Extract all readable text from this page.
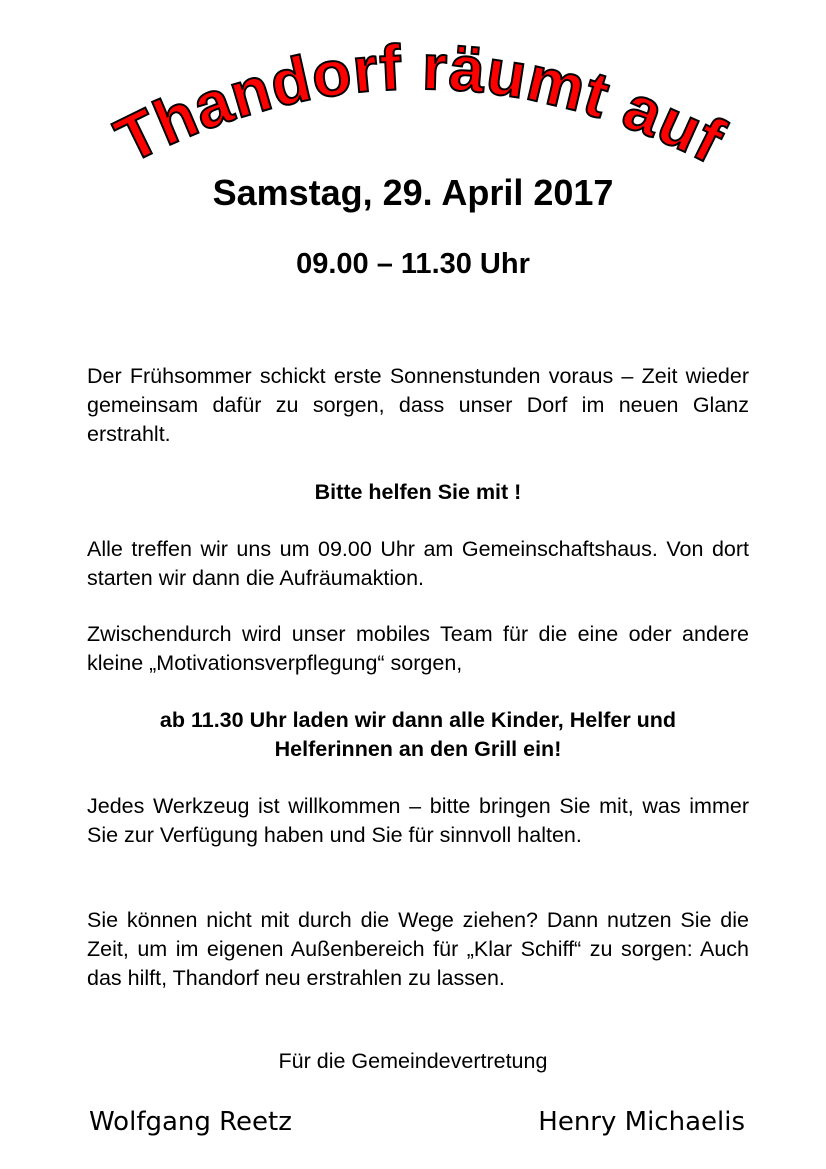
Thandorf räumt auf
Samstag, 29. April 2017
09.00 – 11.30 Uhr
Der Frühsommer schickt erste Sonnenstunden voraus – Zeit wieder gemeinsam dafür zu sorgen, dass unser Dorf im neuen Glanz erstrahlt.
Bitte helfen Sie mit !
Alle treffen wir uns um 09.00 Uhr am Gemeinschaftshaus. Von dort starten wir dann die Aufräumaktion.
Zwischendurch wird unser mobiles Team für die eine oder andere kleine „Motivationsverpflegung“ sorgen,
ab 11.30 Uhr laden wir dann alle Kinder, Helfer und
Helferinnen an den Grill ein!
Jedes Werkzeug ist willkommen – bitte bringen Sie mit, was immer Sie zur Verfügung haben und Sie für sinnvoll halten.
Sie können nicht mit durch die Wege ziehen? Dann nutzen Sie die Zeit, um im eigenen Außenbereich für „Klar Schiff“ zu sorgen: Auch das hilft, Thandorf neu erstrahlen zu lassen.
Für die Gemeindevertretung
Wolfgang Reetz	Henry Michaelis
